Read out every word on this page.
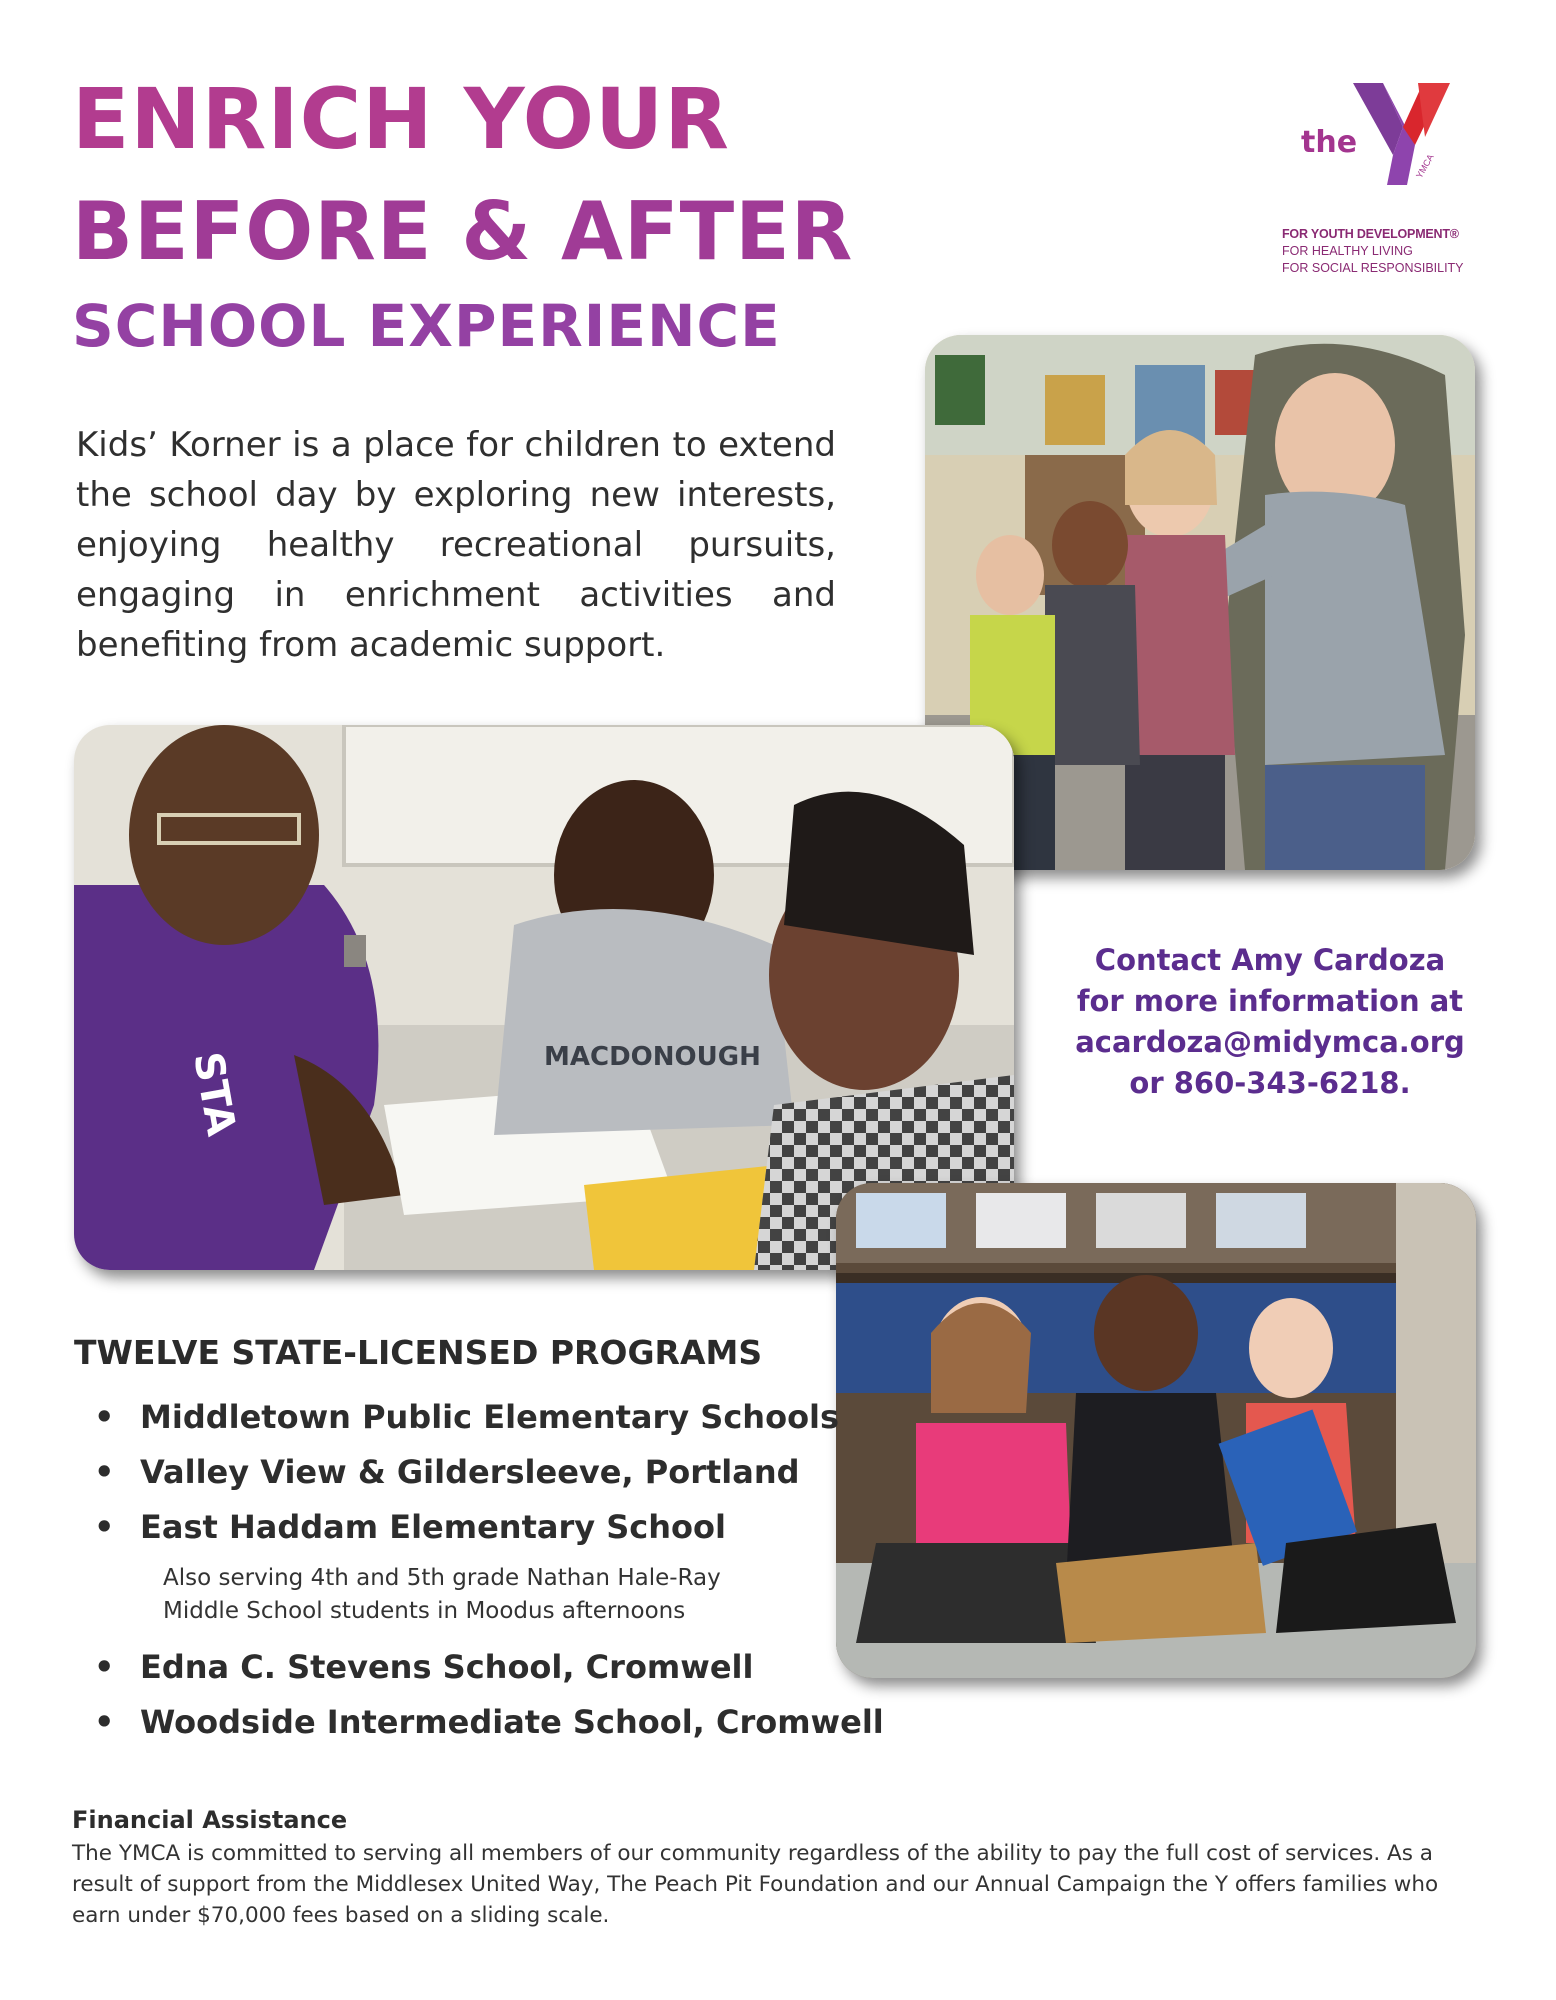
ENRICH YOUR
BEFORE & AFTER
SCHOOL EXPERIENCE
the
YMCA
FOR YOUTH DEVELOPMENT®
FOR HEALTHY LIVING
FOR SOCIAL RESPONSIBILITY

Kids’ Korner is a place for children to extend the school day by exploring new interests, enjoying healthy recreational pursuits, engaging in enrichment activities and benefiting from academic support.

STA	MACDONOUGH
Contact Amy Cardoza
for more information at
acardoza@midymca.org
or 860-343-6218.
TWELVE STATE-LICENSED PROGRAMS
• Middletown Public Elementary Schools
• Valley View & Gildersleeve, Portland
• East Haddam Elementary School
Also serving 4th and 5th grade Nathan Hale-Ray
Middle School students in Moodus afternoons
• Edna C. Stevens School, Cromwell
• Woodside Intermediate School, Cromwell
Financial Assistance

The YMCA is committed to serving all members of our community regardless of the ability to pay the full cost of services. As a result of support from the Middlesex United Way, The Peach Pit Foundation and our Annual Campaign the Y offers families who earn under $70,000 fees based on a sliding scale.
